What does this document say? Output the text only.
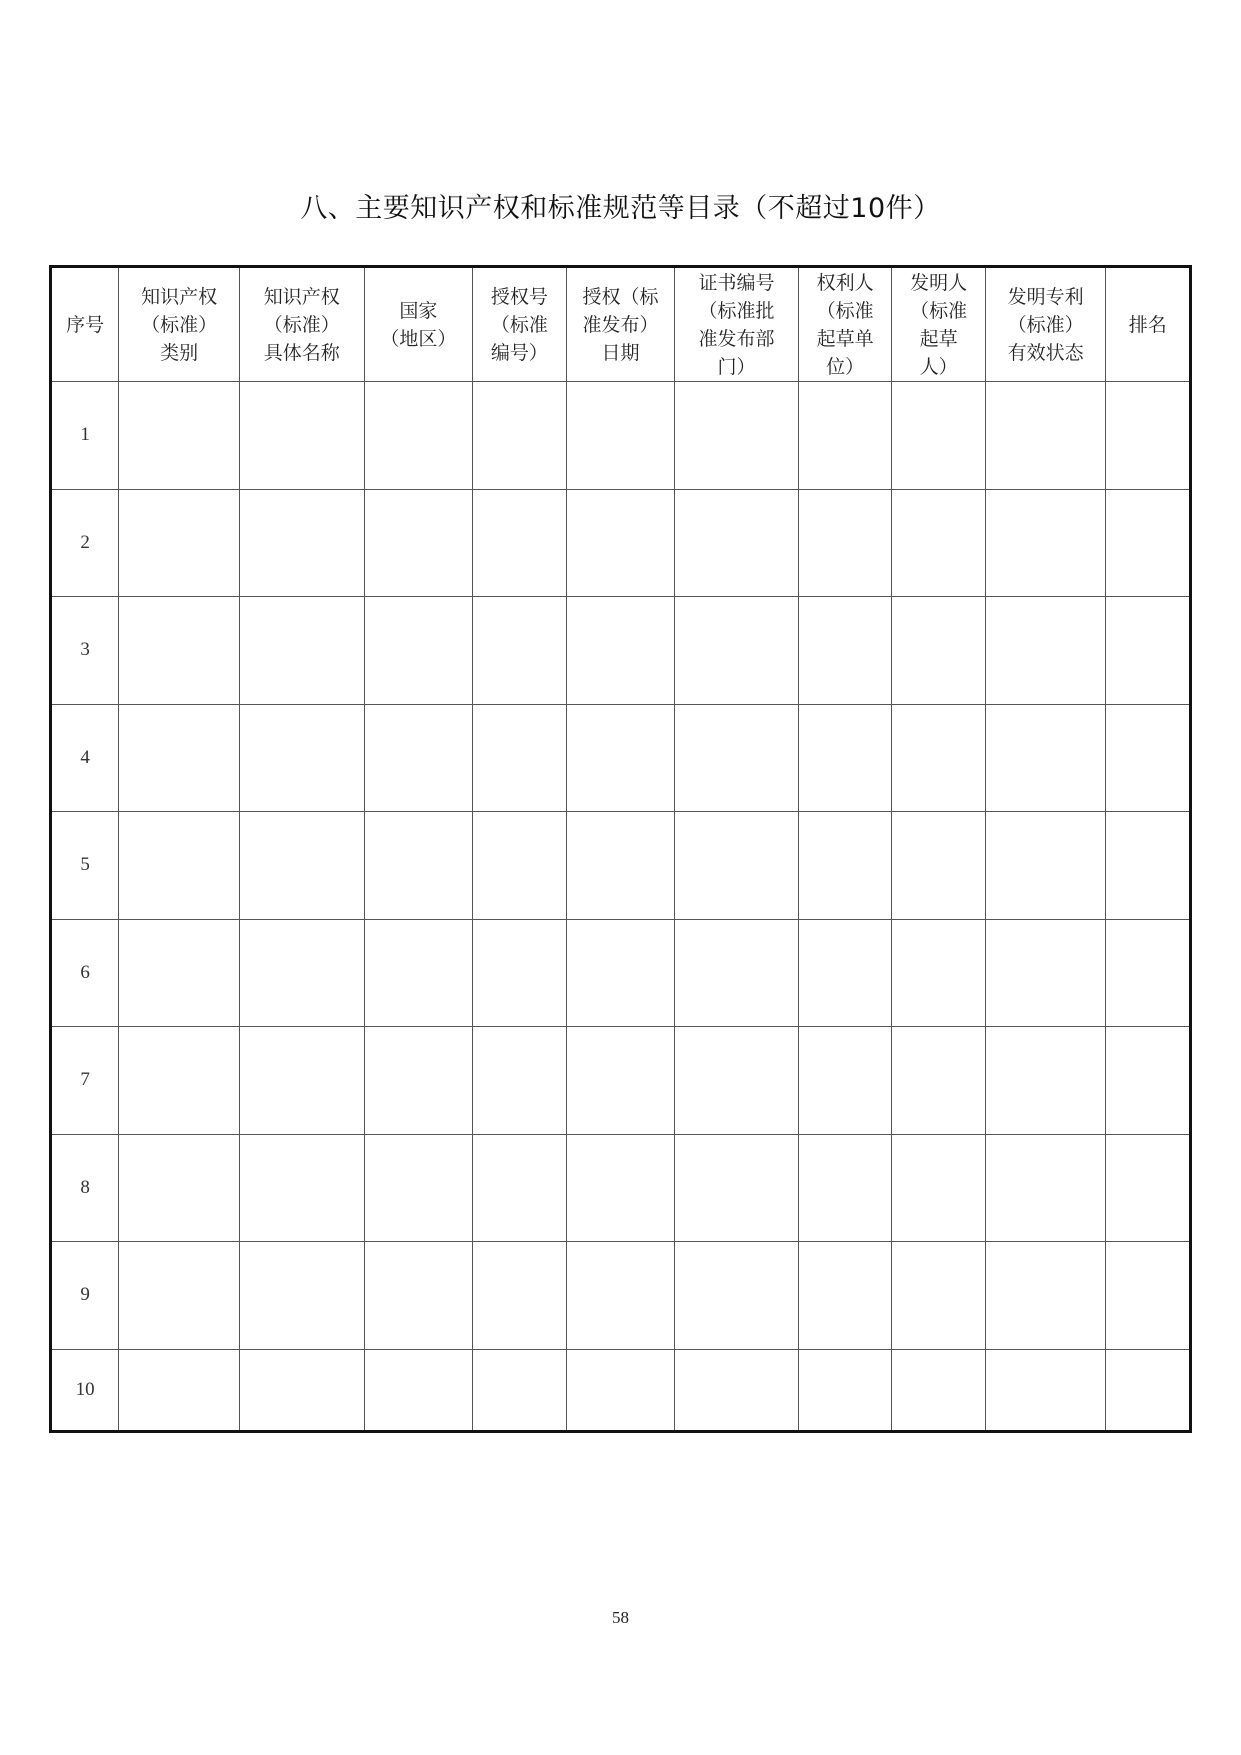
八、主要知识产权和标准规范等目录（不超过10件）
序号	知识产权
（标准）
类别	知识产权
（标准）
具体名称	国家
（地区）	授权号
（标准
编号）	授权（标
准发布）
日期	证书编号
（标准批
准发布部
门）	权利人
（标准
起草单
位）	发明人
（标准
起草
人）	发明专利
（标准）
有效状态	排名

1										
2										
3										
4										
5										
6										
7										
8										
9										
10										
58
